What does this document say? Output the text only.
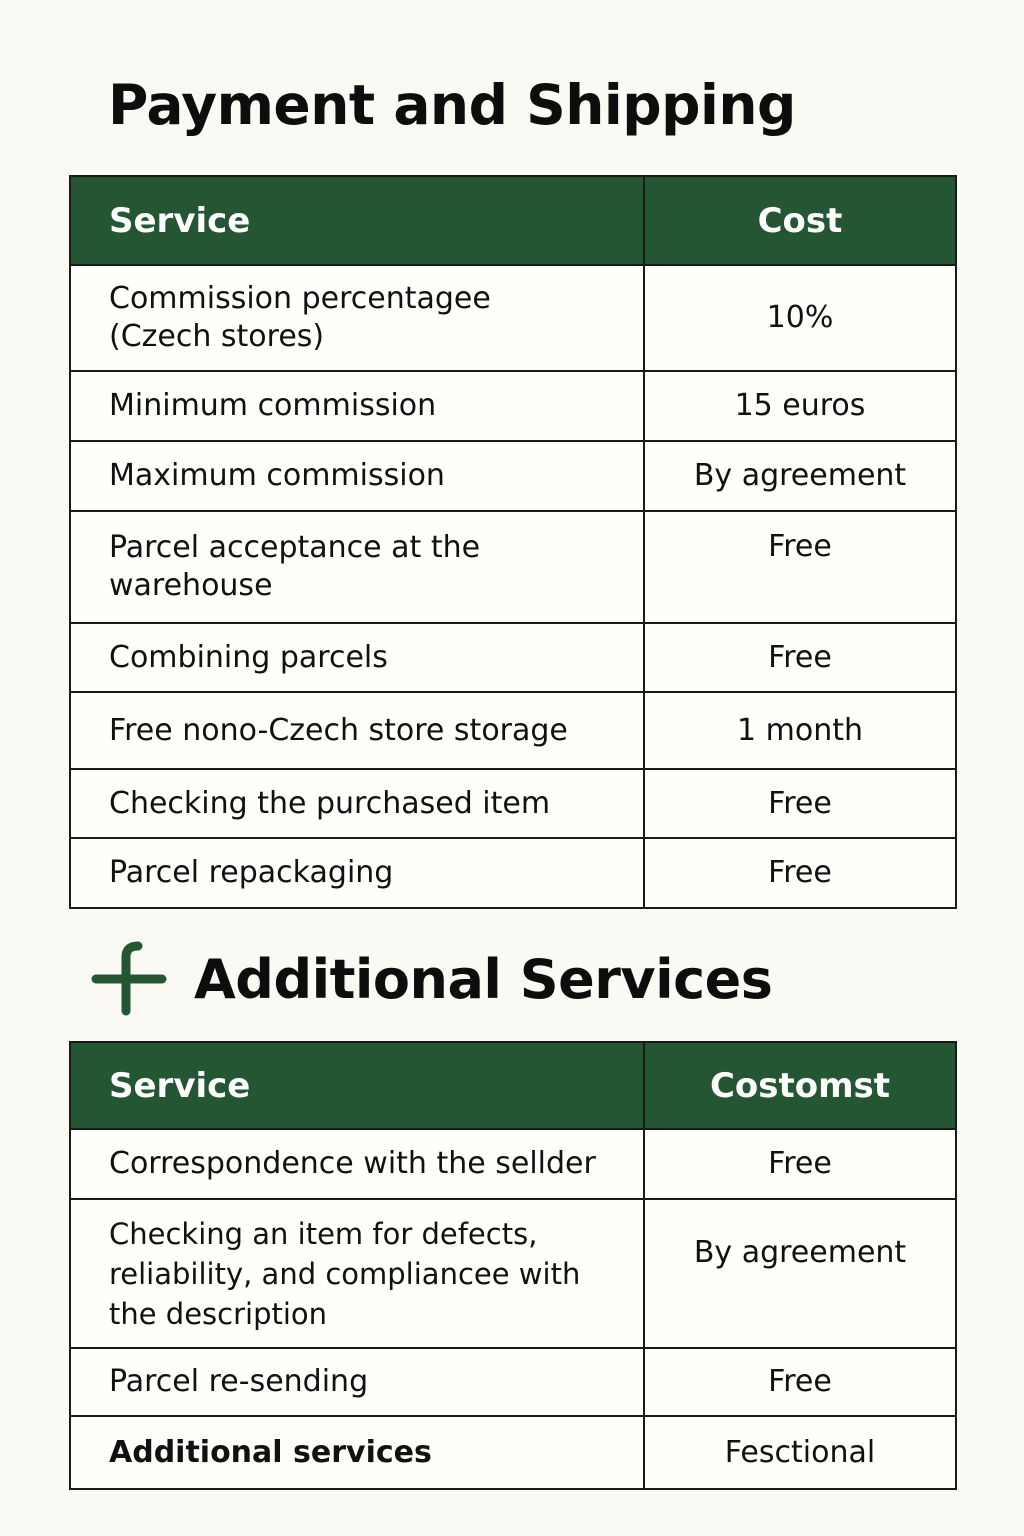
Payment and Shipping
Service	Cost
Commission percentagee
(Czech stores)	10%
Minimum commission	15 euros
Maximum commission	By agreement
Parcel acceptance at the warehouse	Free
Combining parcels	Free
Free nono-Czech store storage	1 month
Checking the purchased item	Free
Parcel repackaging	Free
Additional Services
Service	Costomst
Correspondence with the sellder	Free
Checking an item for defects, reliability, and compliancee with the description	By agreement
Parcel re-sending	Free
Additional services	Fesctional
